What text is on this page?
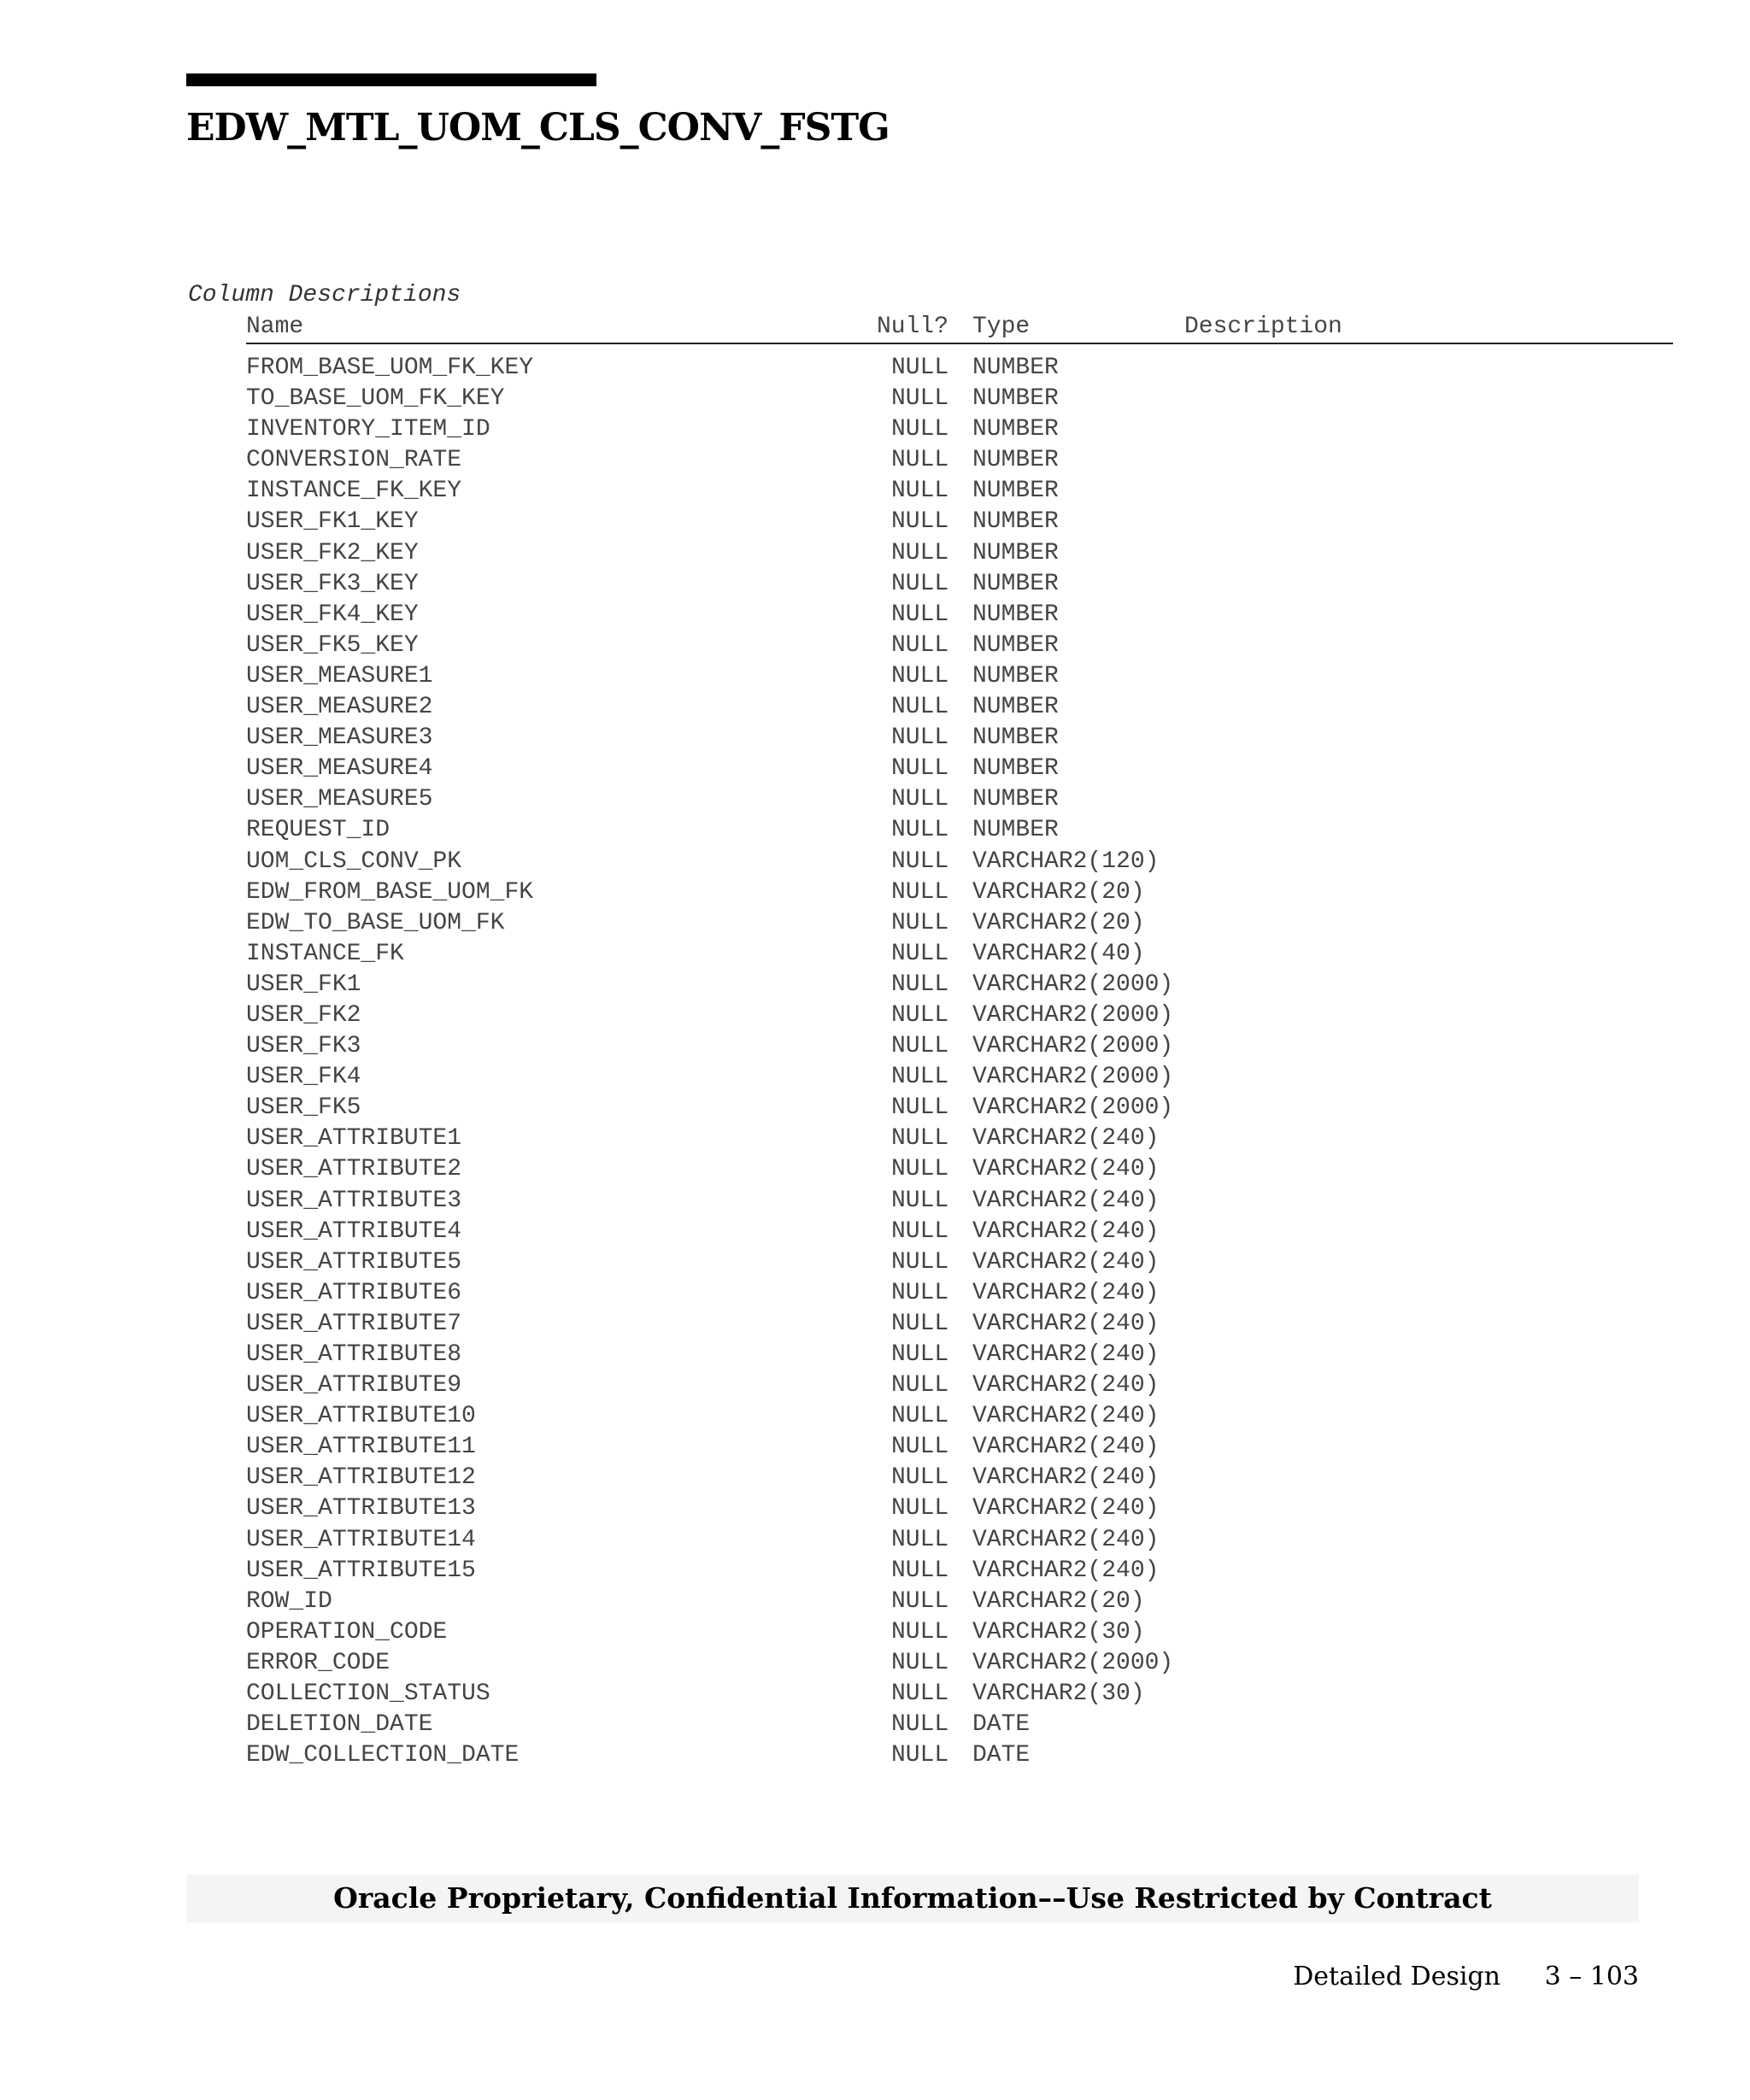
EDW_MTL_UOM_CLS_CONV_FSTG
Column Descriptions
Name	Null? Type	Description
FROM_BASE_UOM_FK_KEY	NULL NUMBER
TO_BASE_UOM_FK_KEY	NULL NUMBER
INVENTORY_ITEM_ID	NULL NUMBER
CONVERSION_RATE	NULL NUMBER
INSTANCE_FK_KEY	NULL NUMBER
USER_FK1_KEY	NULL NUMBER
USER_FK2_KEY	NULL NUMBER
USER_FK3_KEY	NULL NUMBER
USER_FK4_KEY	NULL NUMBER
USER_FK5_KEY	NULL NUMBER
USER_MEASURE1	NULL NUMBER
USER_MEASURE2	NULL NUMBER
USER_MEASURE3	NULL NUMBER
USER_MEASURE4	NULL NUMBER
USER_MEASURE5	NULL NUMBER
REQUEST_ID	NULL NUMBER
UOM_CLS_CONV_PK	NULL VARCHAR2(120)
EDW_FROM_BASE_UOM_FK	NULL VARCHAR2(20)
EDW_TO_BASE_UOM_FK	NULL VARCHAR2(20)
INSTANCE_FK	NULL VARCHAR2(40)
USER_FK1	NULL VARCHAR2(2000)
USER_FK2	NULL VARCHAR2(2000)
USER_FK3	NULL VARCHAR2(2000)
USER_FK4	NULL VARCHAR2(2000)
USER_FK5	NULL VARCHAR2(2000)
USER_ATTRIBUTE1	NULL VARCHAR2(240)
USER_ATTRIBUTE2	NULL VARCHAR2(240)
USER_ATTRIBUTE3	NULL VARCHAR2(240)
USER_ATTRIBUTE4	NULL VARCHAR2(240)
USER_ATTRIBUTE5	NULL VARCHAR2(240)
USER_ATTRIBUTE6	NULL VARCHAR2(240)
USER_ATTRIBUTE7	NULL VARCHAR2(240)
USER_ATTRIBUTE8	NULL VARCHAR2(240)
USER_ATTRIBUTE9	NULL VARCHAR2(240)
USER_ATTRIBUTE10	NULL VARCHAR2(240)
USER_ATTRIBUTE11	NULL VARCHAR2(240)
USER_ATTRIBUTE12	NULL VARCHAR2(240)
USER_ATTRIBUTE13	NULL VARCHAR2(240)
USER_ATTRIBUTE14	NULL VARCHAR2(240)
USER_ATTRIBUTE15	NULL VARCHAR2(240)
ROW_ID	NULL VARCHAR2(20)
OPERATION_CODE	NULL VARCHAR2(30)
ERROR_CODE	NULL VARCHAR2(2000)
COLLECTION_STATUS	NULL VARCHAR2(30)
DELETION_DATE	NULL DATE
EDW_COLLECTION_DATE	NULL DATE
Oracle Proprietary, Confidential Information––Use Restricted by Contract
Detailed Design 3 – 103
